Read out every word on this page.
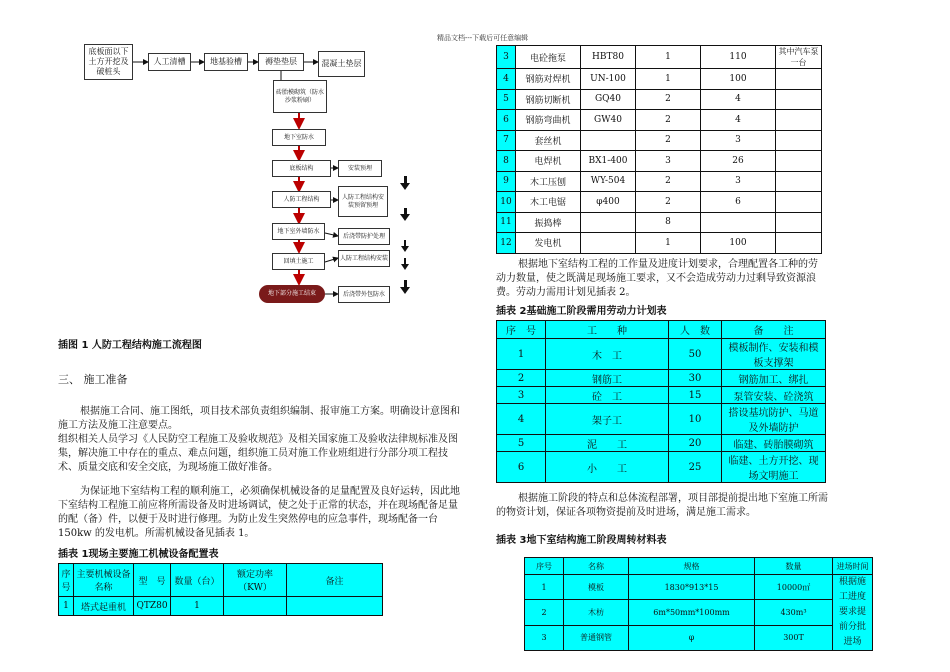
精品文档---下载后可任意编辑
底板面以下土方开挖及破桩头
人工清槽	地基验槽	褥垫垫层	混凝土垫层
砖胎模砌筑（防水沙浆粉刷）
地下室防水
底板结构	安装预埋
人防工程结构	人防工程结构安装预留预埋
地下室外墙防水
后浇带防护处理
回填土施工	人防工程结构安装
地下部分施工结束	后浇带外包防水
插图 1 人防工程结构施工流程图
三、 施工准备

根据施工合同、施工图纸，项目技术部负责组织编制、报审施工方案。明确设计意图和施工方法及施工注意要点。

组织相关人员学习《人民防空工程施工及验收规范》及相关国家施工及验收法律规标准及图集，解决施工中存在的重点、难点问题，组织施工员对施工作业班组进行分部分项工程技术、质量交底和安全交底，为现场施工做好准备。

为保证地下室结构工程的顺利施工，必须确保机械设备的足量配置及良好运转，因此地下室结构工程施工前应将所需设备及时进场调试，使之处于正常的状态，并在现场配备足量的配（备）件，以便于及时进行修理。为防止发生突然停电的应急事件，现场配备一台 150kw 的发电机。所需机械设备见插表 1。
插表 1现场主要施工机械设备配置表
序号	主要机械设备名称	型　号	数量（台）	额定功率（KW）	备注
1	塔式起重机	QTZ80	1		
3	电砼拖泵	HBT80	1	110	其中汽车泵一台
4	钢筋对焊机	UN-100	1	100	
5	钢筋切断机	GQ40	2	4	
6	钢筋弯曲机	GW40	2	4	
7	套丝机		2	3	
8	电焊机	BX1-400	3	26	
9	木工压刨	WY-504	2	3	
10	木工电锯	φ400	2	6	
11	振捣棒		8		
12	发电机		1	100	
根据地下室结构工程的工作量及进度计划要求，合理配置各工种的劳动力数量，使之既满足现场施工要求，又不会造成劳动力过剩导致资源浪费。劳动力需用计划见插表 2。
插表 2基础施工阶段需用劳动力计划表
序　号	工　　种	人　数	备　　注
1	木　工	50	模板制作、安装和模板支撑架
2	钢筋工	30	钢筋加工、绑扎
3	砼　工	15	泵管安装、砼浇筑
4	架子工	10	搭设基坑防护、马道及外墙防护
5	泥　　工	20	临建、砖胎膜砌筑
6	小　　工	25	临建、土方开挖、现场文明施工
根据施工阶段的特点和总体流程部署，项目部提前提出地下室施工所需的物资计划，保证各项物资提前及时进场，满足施工需求。
插表 3地下室结构施工阶段周转材料表
序号	名称	规格	数量	进场时间
1	模板	1830*913*15	10000㎡	根据施工进度要求提前分批进场
2	木枋	6m*50mm*100mm	430m³	
3	普通钢管	φ	300T	
